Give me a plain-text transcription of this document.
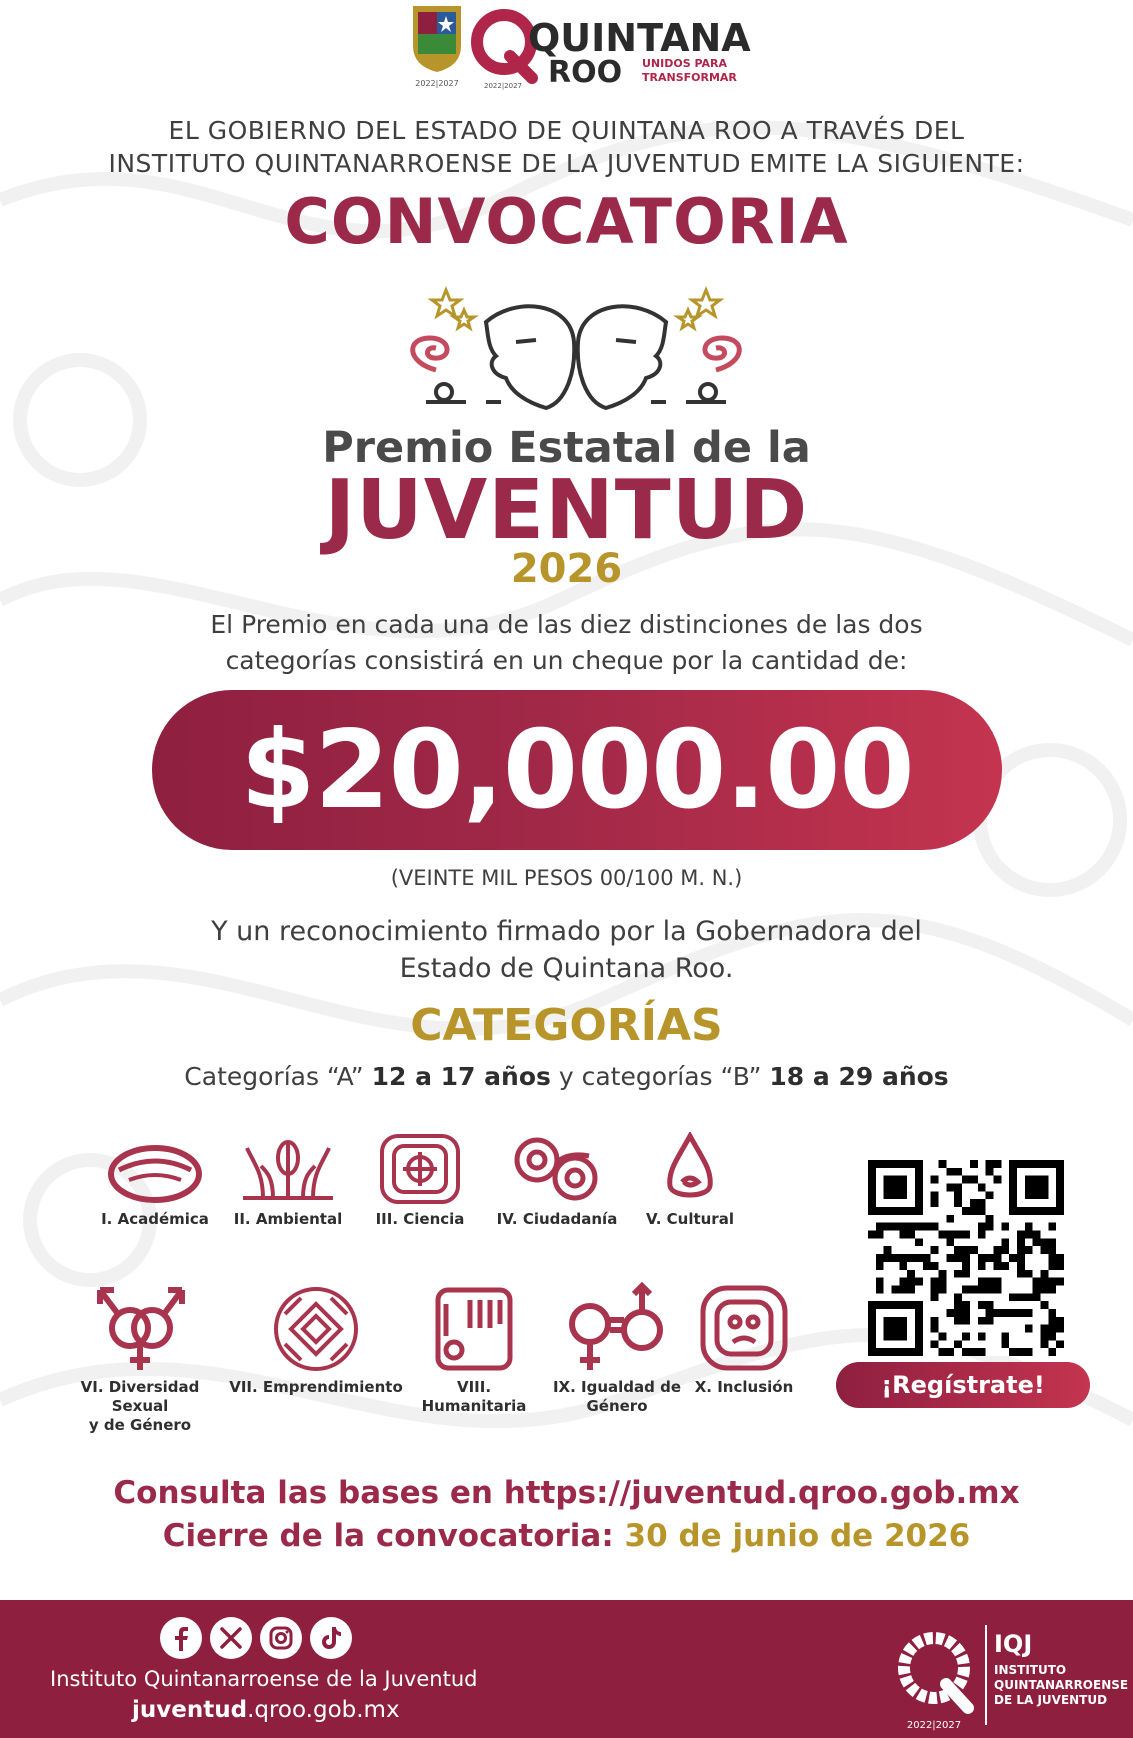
2022|2027
QUINTANA
ROO UNIDOS PARA
TRANSFORMAR
2022|2027
EL GOBIERNO DEL ESTADO DE QUINTANA ROO A TRAVÉS DEL
INSTITUTO QUINTANARROENSE DE LA JUVENTUD EMITE LA SIGUIENTE:
CONVOCATORIA
Premio Estatal de la
JUVENTUD
2026
El Premio en cada una de las diez distinciones de las dos
categorías consistirá en un cheque por la cantidad de:
$20,000.00
(VEINTE MIL PESOS 00/100 M. N.)
Y un reconocimiento firmado por la Gobernadora del
Estado de Quintana Roo.
CATEGORÍAS
Categorías “A” 12 a 17 años y categorías “B” 18 a 29 años
I. Académica	II. Ambiental	III. Ciencia	IV. Ciudadanía	V. Cultural
VI. Diversidad Sexual
y de Género
VII. Emprendimiento	VIII. Humanitaria
IX. Igualdad de
Género
X. Inclusión	¡Regístrate!
Consulta las bases en https://juventud.qroo.gob.mx
Cierre de la convocatoria: 30 de junio de 2026
Instituto Quintanarroense de la Juventud
juventud.qroo.gob.mx
2022|2027
IQJ
INSTITUTO
QUINTANARROENSE
DE LA JUVENTUD
